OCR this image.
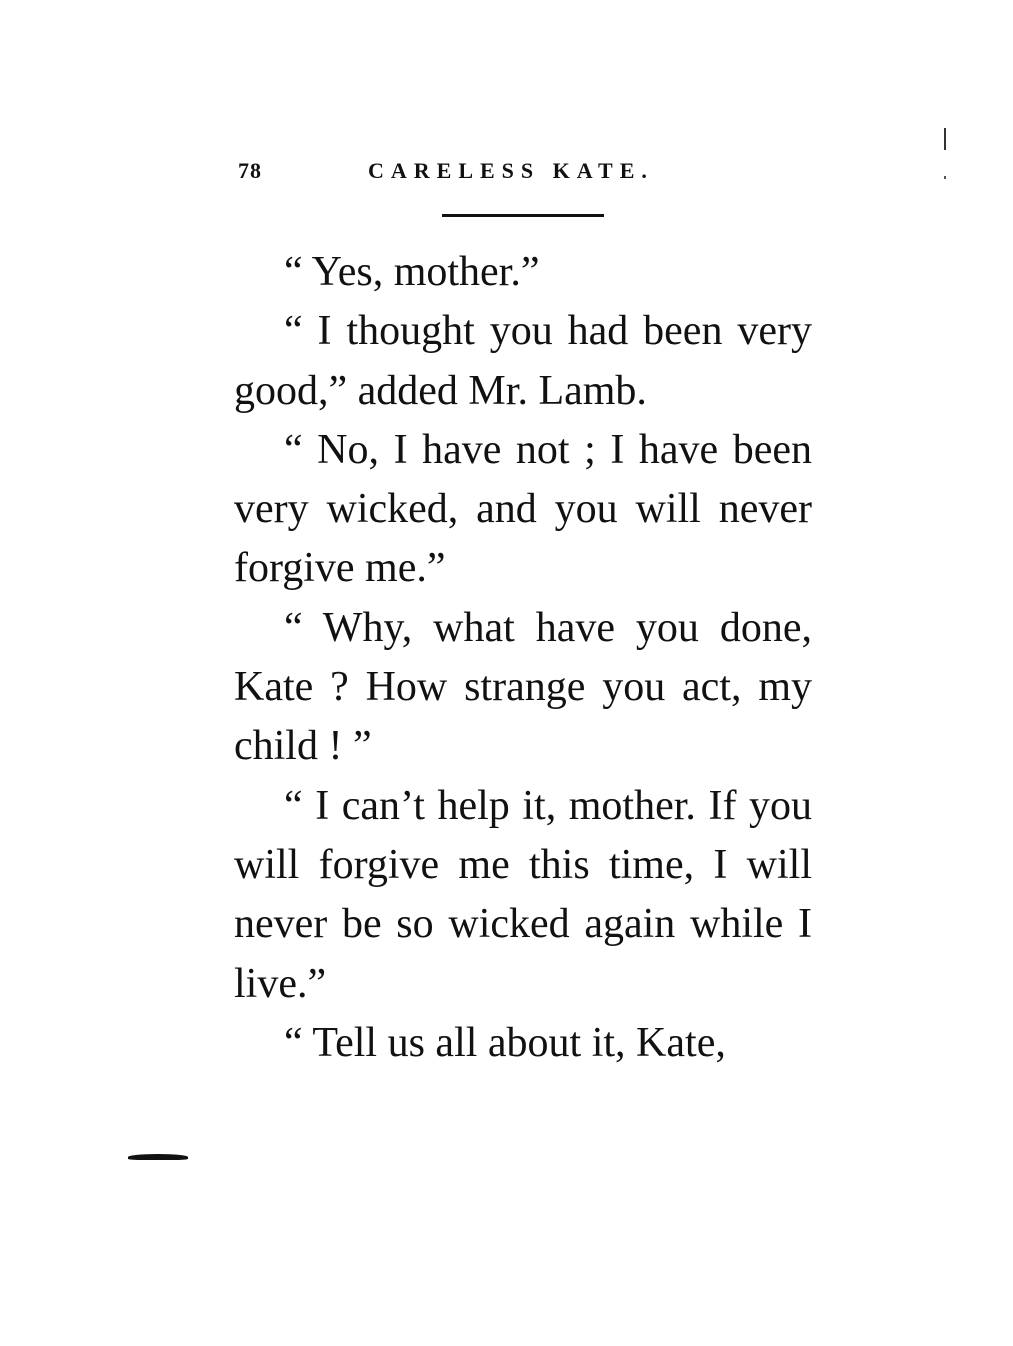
78	CARELESS KATE.

“ Yes, mother.”

“ I thought you had been very good,” added Mr. Lamb.

“ No, I have not ; I have been very wicked, and you will never forgive me.”

“ Why, what have you done, Kate ? How strange you act, my child ! ”

“ I can’t help it, mother. If you will forgive me this time, I will never be so wicked again while I live.”

“ Tell us all about it, Kate,
